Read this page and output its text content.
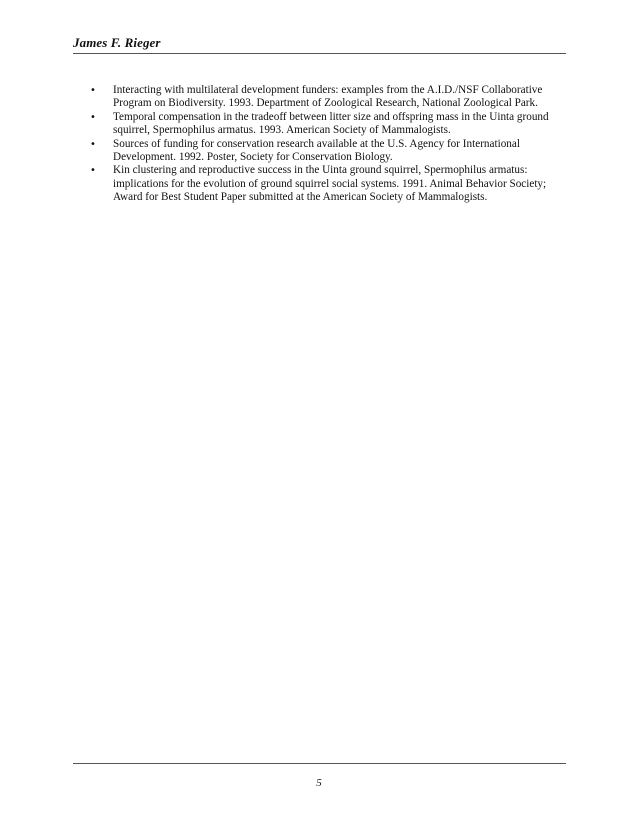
James F. Rieger
•	Interacting with multilateral development funders: examples from the A.I.D./NSF Collaborative Program on Biodiversity. 1993. Department of Zoological Research, National Zoological Park.
•	Temporal compensation in the tradeoff between litter size and offspring mass in the Uinta ground squirrel, Spermophilus armatus. 1993. American Society of Mammalogists.
•	Sources of funding for conservation research available at the U.S. Agency for International Development. 1992. Poster, Society for Conservation Biology.
•	Kin clustering and reproductive success in the Uinta ground squirrel, Spermophilus armatus: implications for the evolution of ground squirrel social systems. 1991. Animal Behavior Society; Award for Best Student Paper submitted at the American Society of Mammalogists.
5
